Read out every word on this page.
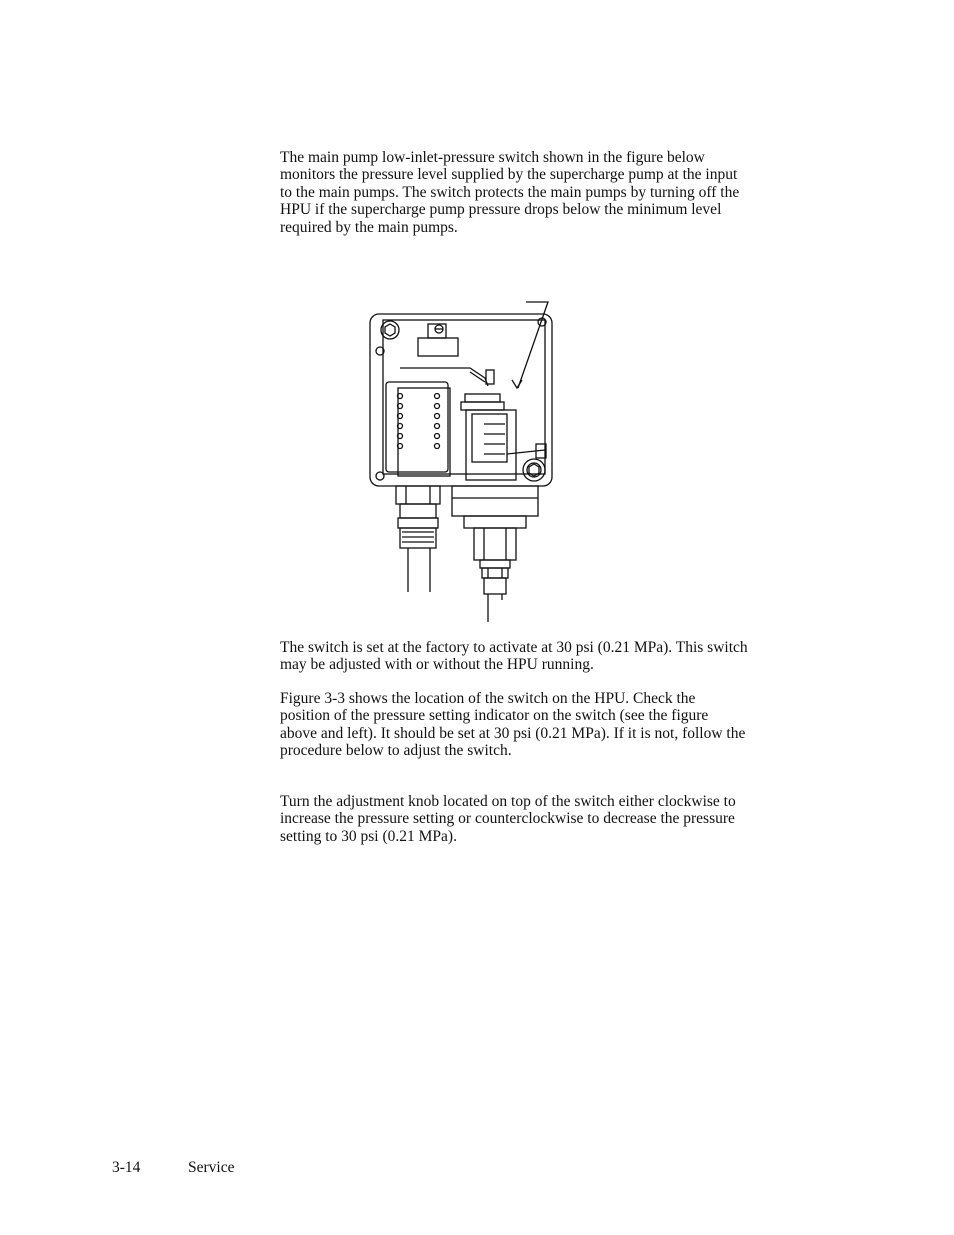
The main pump low-inlet-pressure switch shown in the figure below
monitors the pressure level supplied by the supercharge pump at the input
to the main pumps. The switch protects the main pumps by turning off the
HPU if the supercharge pump pressure drops below the minimum level
required by the main pumps.
The switch is set at the factory to activate at 30 psi (0.21 MPa). This switch
may be adjusted with or without the HPU running.
Figure 3-3 shows the location of the switch on the HPU. Check the
position of the pressure setting indicator on the switch (see the figure
above and left). It should be set at 30 psi (0.21 MPa). If it is not, follow the
procedure below to adjust the switch.
Turn the adjustment knob located on top of the switch either clockwise to
increase the pressure setting or counterclockwise to decrease the pressure
setting to 30 psi (0.21 MPa).
3-14	Service
